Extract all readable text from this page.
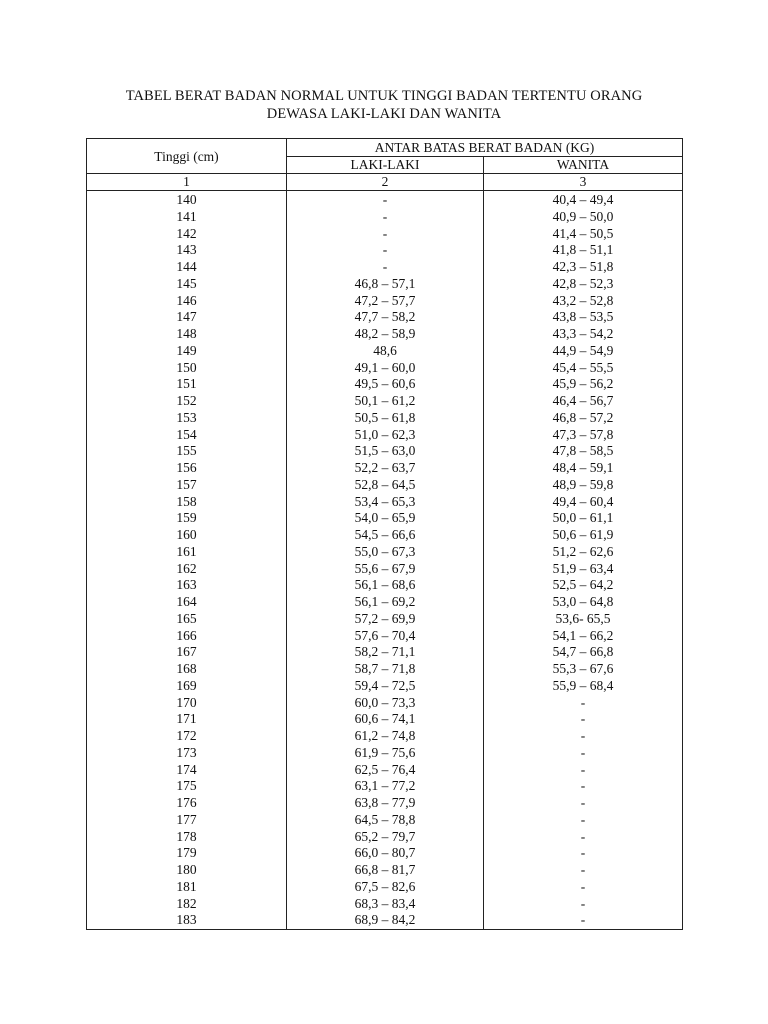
TABEL BERAT BADAN NORMAL UNTUK TINGGI BADAN TERTENTU ORANG
DEWASA LAKI-LAKI DAN WANITA
Tinggi (cm)	ANTAR BATAS BERAT BADAN (KG)	
	LAKI-LAKI	WANITA
1	2	3
140	-	40,4 – 49,4
141	-	40,9 – 50,0
142	-	41,4 – 50,5
143	-	41,8 – 51,1
144	-	42,3 – 51,8
145	46,8 – 57,1	42,8 – 52,3
146	47,2 – 57,7	43,2 – 52,8
147	47,7 – 58,2	43,8 – 53,5
148	48,2 – 58,9	43,3 – 54,2
149	48,6	44,9 – 54,9
150	49,1 – 60,0	45,4 – 55,5
151	49,5 – 60,6	45,9 – 56,2
152	50,1 – 61,2	46,4 – 56,7
153	50,5 – 61,8	46,8 – 57,2
154	51,0 – 62,3	47,3 – 57,8
155	51,5 – 63,0	47,8 – 58,5
156	52,2 – 63,7	48,4 – 59,1
157	52,8 – 64,5	48,9 – 59,8
158	53,4 – 65,3	49,4 – 60,4
159	54,0 – 65,9	50,0 – 61,1
160	54,5 – 66,6	50,6 – 61,9
161	55,0 – 67,3	51,2 – 62,6
162	55,6 – 67,9	51,9 – 63,4
163	56,1 – 68,6	52,5 – 64,2
164	56,1 – 69,2	53,0 – 64,8
165	57,2 – 69,9	53,6- 65,5
166	57,6 – 70,4	54,1 – 66,2
167	58,2 – 71,1	54,7 – 66,8
168	58,7 – 71,8	55,3 – 67,6
169	59,4 – 72,5	55,9 – 68,4
170	60,0 – 73,3	-
171	60,6 – 74,1	-
172	61,2 – 74,8	-
173	61,9 – 75,6	-
174	62,5 – 76,4	-
175	63,1 – 77,2	-
176	63,8 – 77,9	-
177	64,5 – 78,8	-
178	65,2 – 79,7	-
179	66,0 – 80,7	-
180	66,8 – 81,7	-
181	67,5 – 82,6	-
182	68,3 – 83,4	-
183	68,9 – 84,2	-
